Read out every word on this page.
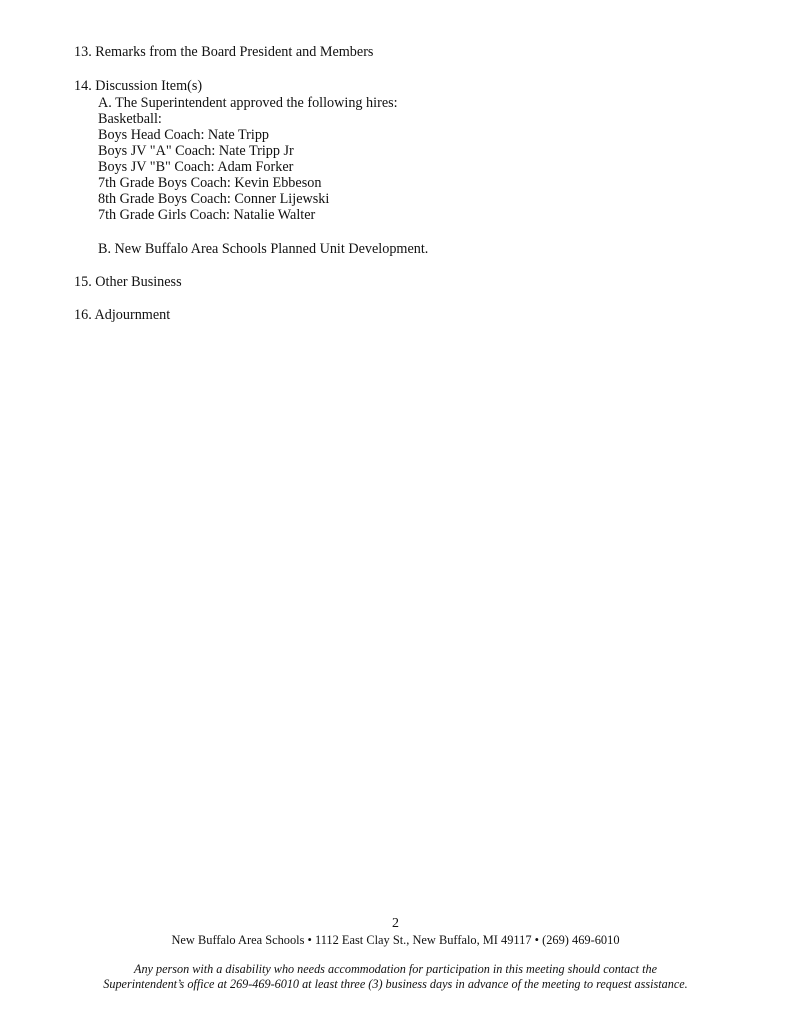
13. Remarks from the Board President and Members
14. Discussion Item(s)
A. The Superintendent approved the following hires:
Basketball:
Boys Head Coach: Nate Tripp
Boys JV "A" Coach: Nate Tripp Jr
Boys JV "B" Coach: Adam Forker
7th Grade Boys Coach: Kevin Ebbeson
8th Grade Boys Coach: Conner Lijewski
7th Grade Girls Coach: Natalie Walter
B. New Buffalo Area Schools Planned Unit Development.
15. Other Business
16. Adjournment
2
New Buffalo Area Schools • 1112 East Clay St., New Buffalo, MI 49117 • (269) 469-6010
Any person with a disability who needs accommodation for participation in this meeting should contact the
Superintendent’s office at 269-469-6010 at least three (3) business days in advance of the meeting to request assistance.
